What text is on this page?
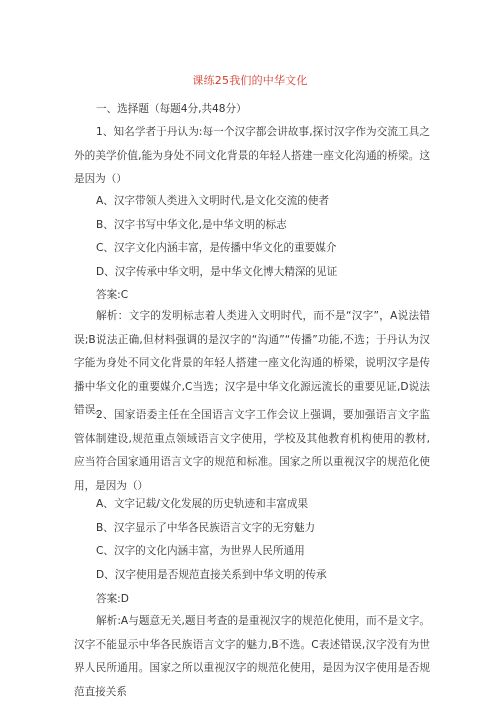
课练25我们的中华文化
一、选择题（每题4分,共48分）
1、知名学者于丹认为:每一个汉字都会讲故事,探讨汉字作为交流工具之外的美学价值,能为身处不同文化背景的年轻人搭建一座文化沟通的桥梁。这是因为（）
A、汉字带领人类进入文明时代,是文化交流的使者
B、汉字书写中华文化,是中华文明的标志
C、汉字文化内涵丰富，是传播中华文化的重要媒介
D、汉字传承中华文明，是中华文化博大精深的见证
答案:C
解析：文字的发明标志着人类进入文明时代，而不是“汉字”，A说法错误;B说法正确,但材料强调的是汉字的“沟通”“传播”功能,不选；于丹认为汉字能为身处不同文化背景的年轻人搭建一座文化沟通的桥梁，说明汉字是传播中华文化的重要媒介,C当选；汉字是中华文化源远流长的重要见证,D说法错误。
2、国家语委主任在全国语言文字工作会议上强调，要加强语言文字监管体制建设,规范重点领域语言文字使用，学校及其他教育机构使用的教材,应当符合国家通用语言文字的规范和标准。国家之所以重视汉字的规范化使用，是因为（）
A、文字记载/文化发展的历史轨迹和丰富成果
B、汉字显示了中华各民族语言文字的无穷魅力
C、汉字的文化内涵丰富，为世界人民所通用
D、汉字使用是否规范直接关系到中华文明的传承
答案:D
解析:A与题意无关,题目考查的是重视汉字的规范化使用，而不是文字。汉字不能显示中华各民族语言文字的魅力,B不选。C表述错误,汉字没有为世界人民所通用。国家之所以重视汉字的规范化使用，是因为汉字使用是否规范直接关系
